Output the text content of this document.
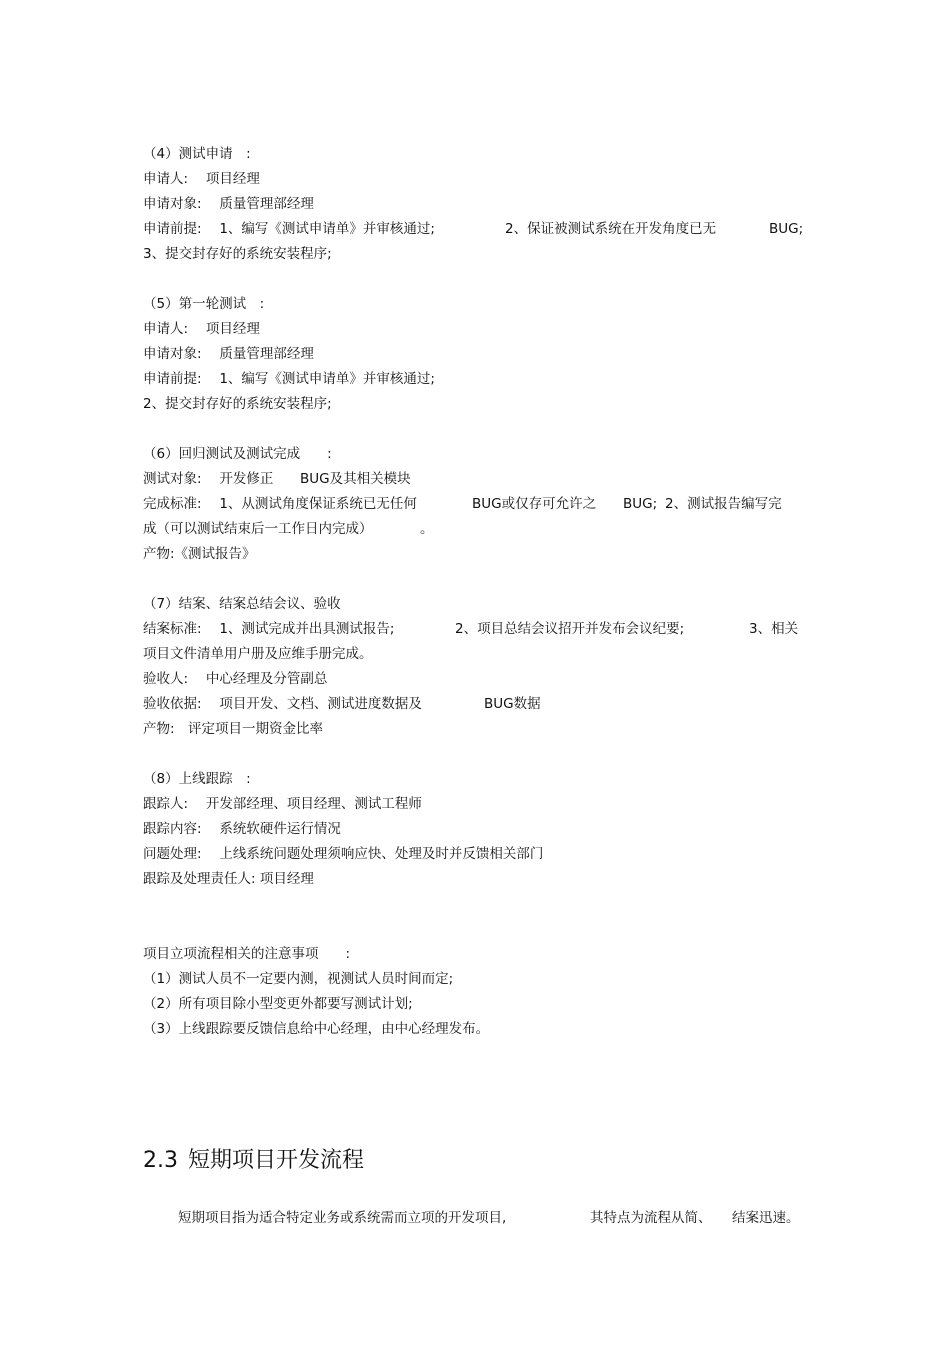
（4）测试申请　:
申请人:　 项目经理
申请对象:　 质量管理部经理
申请前提:　 1、编写《测试申请单》并审核通过;	2、保证被测试系统在开发角度已无	BUG;
3、提交封存好的系统安装程序;
（5）第一轮测试　:
申请人:　 项目经理
申请对象:　 质量管理部经理
申请前提:　 1、编写《测试申请单》并审核通过;
2、提交封存好的系统安装程序;
（6）回归测试及测试完成　　:
测试对象:　 开发修正 BUG及其相关模块
完成标准:　 1、从测试角度保证系统已无任何	BUG或仅存可允许之 BUG; 2、测试报告编写完
成（可以测试结束后一工作日内完成）	。
产物:《测试报告》
（7）结案、结案总结会议、验收
结案标准:　 1、测试完成并出具测试报告;	2、项目总结会议招开并发布会议纪要;	3、相关
项目文件清单用户册及应维手册完成。
验收人:　 中心经理及分管副总
验收依据:　 项目开发、文档、测试进度数据及	BUG数据
产物:　评定项目一期资金比率
（8）上线跟踪　:
跟踪人:　 开发部经理、项目经理、测试工程师
跟踪内容:　 系统软硬件运行情况
问题处理:　 上线系统问题处理须响应快、处理及时并反馈相关部门
跟踪及处理责任人: 项目经理
项目立项流程相关的注意事项　　:
（1）测试人员不一定要内测，视测试人员时间而定;
（2）所有项目除小型变更外都要写测试计划;
（3）上线跟踪要反馈信息给中心经理，由中心经理发布。
2.3 短期项目开发流程
短期项目指为适合特定业务或系统需而立项的开发项目,	其特点为流程从简、 结案迅速。
